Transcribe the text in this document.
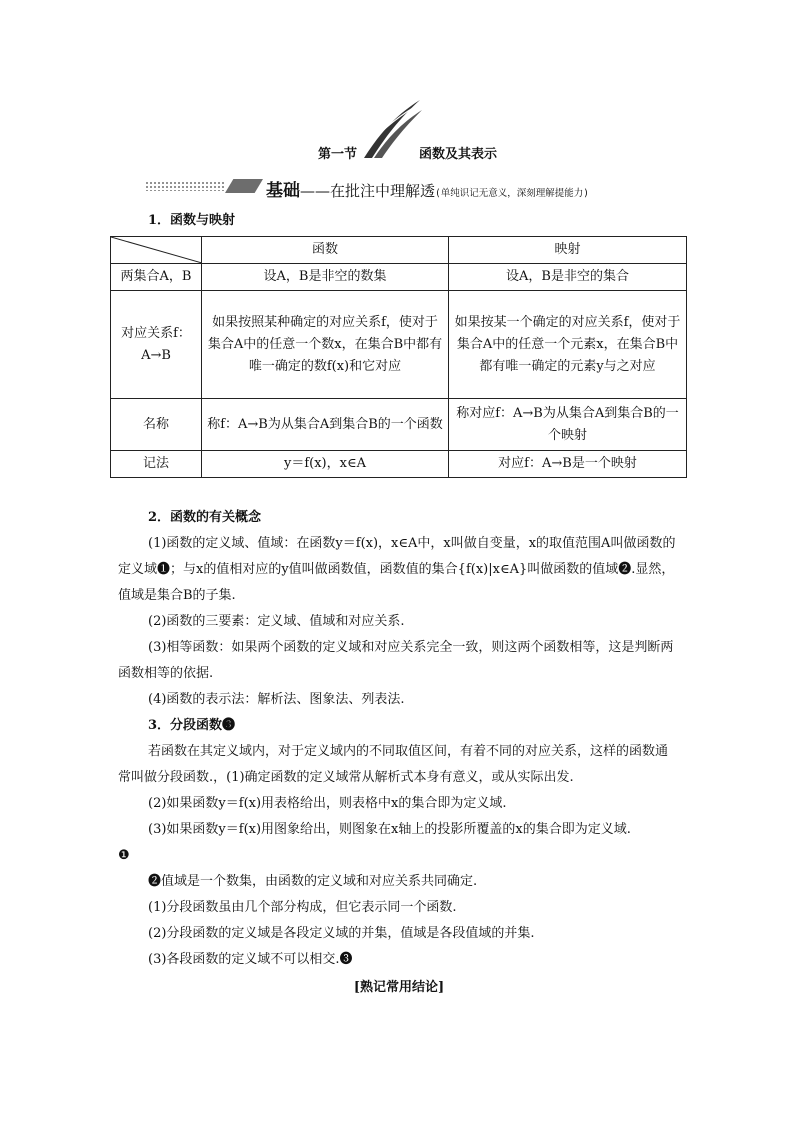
第一节	函数及其表示
基础——在批注中理解透(单纯识记无意义，深刻理解提能力)
1．函数与映射
	函数	映射
两集合A，B	设A，B是非空的数集	设A，B是非空的集合
对应关系f：A→B	如果按照某种确定的对应关系f，使对于集合A中的任意一个数x，在集合B中都有唯一确定的数f(x)和它对应	如果按某一个确定的对应关系f，使对于集合A中的任意一个元素x，在集合B中都有唯一确定的元素y与之对应
名称	称f：A→B为从集合A到集合B的一个函数	称对应f：A→B为从集合A到集合B的一个映射
记法	y＝f(x)，x∈A	对应f：A→B是一个映射

2．函数的有关概念

(1)函数的定义域、值域：在函数y＝f(x)，x∈A中，x叫做自变量，x的取值范围A叫做函数的定义域❶；与x的值相对应的y值叫做函数值，函数值的集合{f(x)|x∈A}叫做函数的值域❷.显然，值域是集合B的子集.

(2)函数的三要素：定义域、值域和对应关系.

(3)相等函数：如果两个函数的定义域和对应关系完全一致，则这两个函数相等，这是判断两函数相等的依据.

(4)函数的表示法：解析法、图象法、列表法.

3．分段函数❸

若函数在其定义域内，对于定义域内的不同取值区间，有着不同的对应关系，这样的函数通常叫做分段函数.，(1)确定函数的定义域常从解析式本身有意义，或从实际出发.

(2)如果函数y＝f(x)用表格给出，则表格中x的集合即为定义域.

(3)如果函数y＝f(x)用图象给出，则图象在x轴上的投影所覆盖的x的集合即为定义域.

❶

❷值域是一个数集，由函数的定义域和对应关系共同确定.

(1)分段函数虽由几个部分构成，但它表示同一个函数.

(2)分段函数的定义域是各段定义域的并集，值域是各段值域的并集.

(3)各段函数的定义域不可以相交.❸

[熟记常用结论]
